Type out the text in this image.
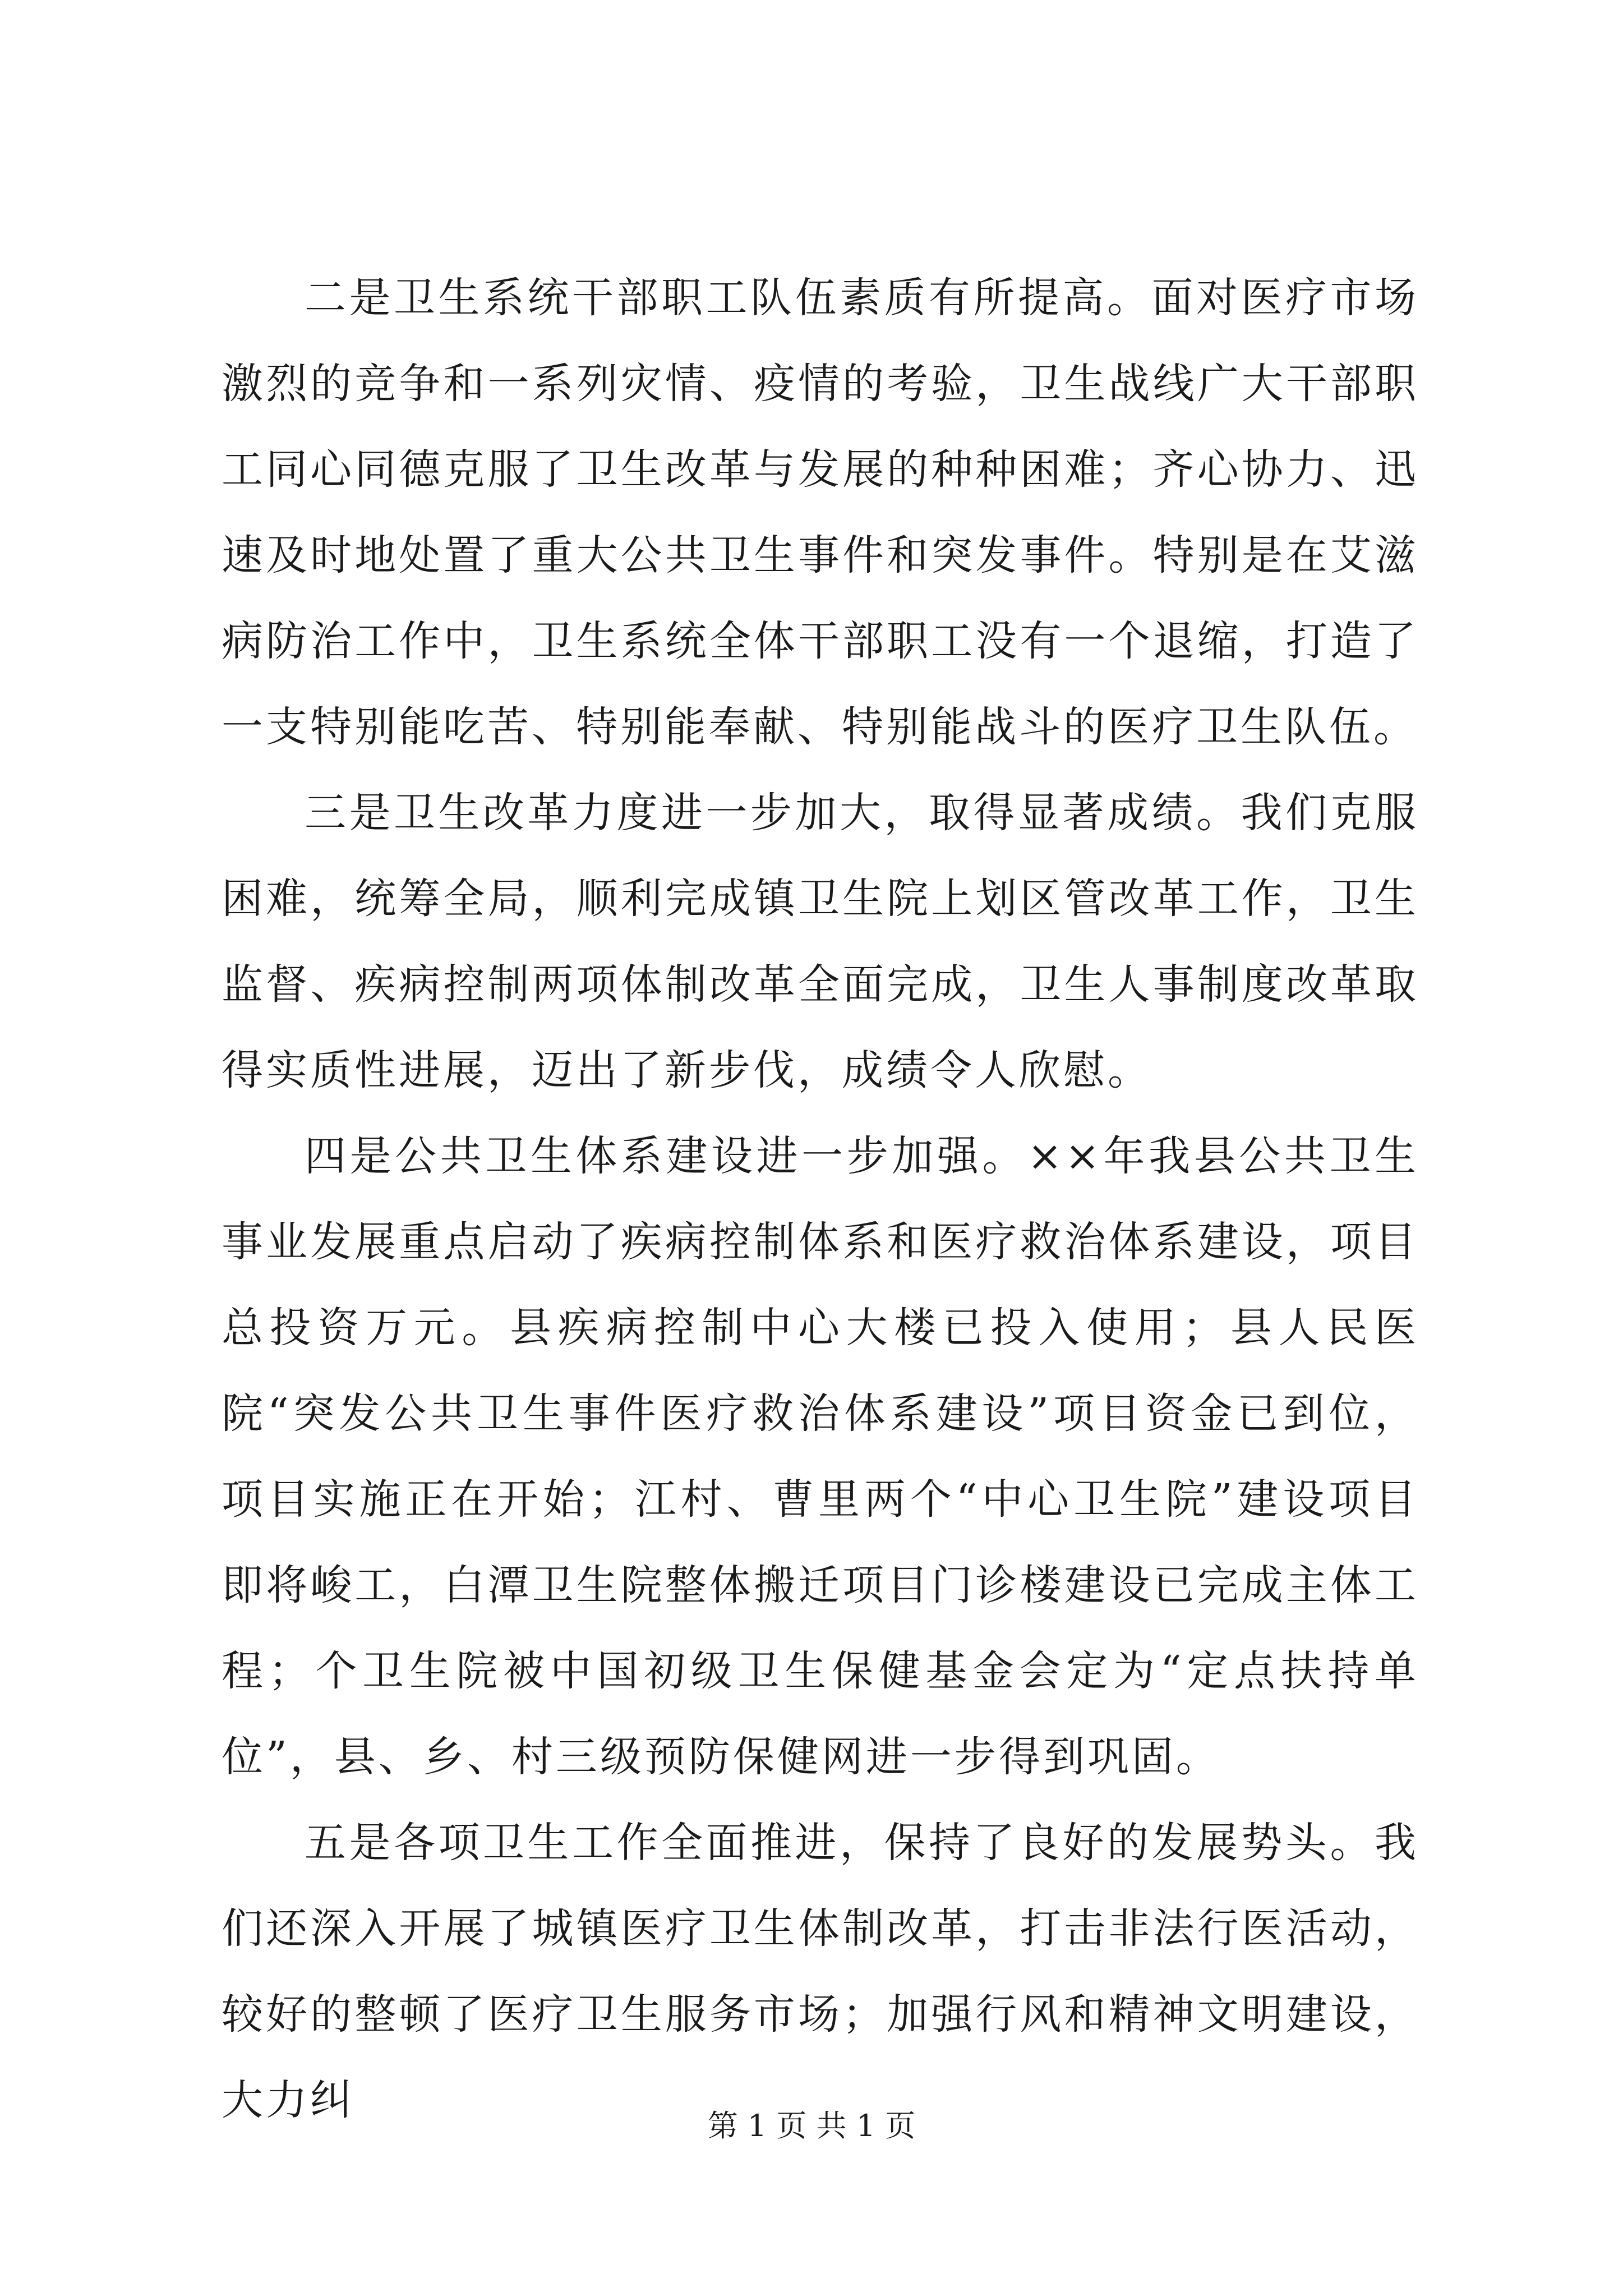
二是卫生系统干部职工队伍素质有所提高。面对医疗市场激烈的竞争和一系列灾情、疫情的考验，卫生战线广大干部职工同心同德克服了卫生改革与发展的种种困难；齐心协力、迅速及时地处置了重大公共卫生事件和突发事件。特别是在艾滋病防治工作中，卫生系统全体干部职工没有一个退缩，打造了一支特别能吃苦、特别能奉献、特别能战斗的医疗卫生队伍。

三是卫生改革力度进一步加大，取得显著成绩。我们克服困难，统筹全局，顺利完成镇卫生院上划区管改革工作，卫生监督、疾病控制两项体制改革全面完成，卫生人事制度改革取得实质性进展，迈出了新步伐，成绩令人欣慰。

四是公共卫生体系建设进一步加强。××年我县公共卫生事业发展重点启动了疾病控制体系和医疗救治体系建设，项目总投资万元。县疾病控制中心大楼已投入使用；县人民医院“突发公共卫生事件医疗救治体系建设”项目资金已到位，项目实施正在开始；江村、曹里两个“中心卫生院”建设项目即将峻工，白潭卫生院整体搬迁项目门诊楼建设已完成主体工程；个卫生院被中国初级卫生保健基金会定为“定点扶持单位”，县、乡、村三级预防保健网进一步得到巩固。

五是各项卫生工作全面推进，保持了良好的发展势头。我们还深入开展了城镇医疗卫生体制改革，打击非法行医活动，较好的整顿了医疗卫生服务市场；加强行风和精神文明建设，大力纠

第 1 页 共 1 页
